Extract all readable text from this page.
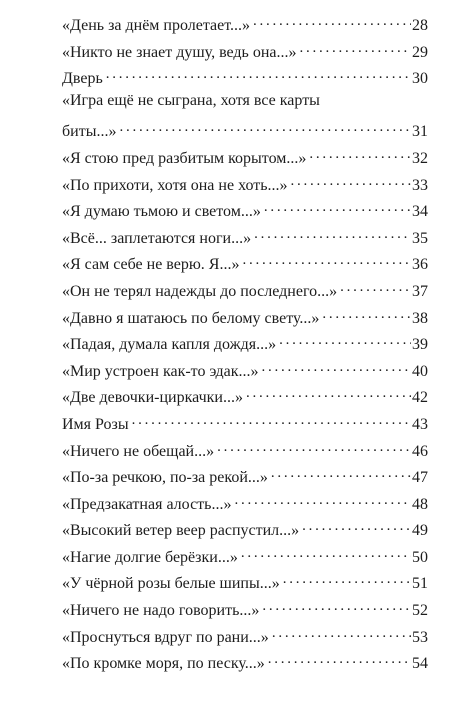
«День за днём пролетает...» . . .	28
«Никто не знает душу, ведь она...» . . .	29
Дверь . . .	30
«Игра ещё не сыграна, хотя все карты
биты...» . . .	31
«Я стою пред разбитым корытом...» . . .	32
«По прихоти, хотя она не хоть...» . . .	33
«Я думаю тьмою и светом...» . . .	34
«Всё... заплетаются ноги...» . . .	35
«Я сам себе не верю. Я...» . . .	36
«Он не терял надежды до последнего...» . . .	37
«Давно я шатаюсь по белому свету...» . . .	38
«Падая, думала капля дождя...» . . .	39
«Мир устроен как-то эдак...» . . .	40
«Две девочки-циркачки...» . . .	42
Имя Розы . . .	43
«Ничего не обещай...» . . .	46
«По-за речкою, по-за рекой...» . . .	47
«Предзакатная алость...» . . .	48
«Высокий ветер веер распустил...» . . .	49
«Нагие долгие берёзки...» . . .	50
«У чёрной розы белые шипы...» . . .	51
«Ничего не надо говорить...» . . .	52
«Проснуться вдруг по рани...» . . .	53
«По кромке моря, по песку...» . . .	54
